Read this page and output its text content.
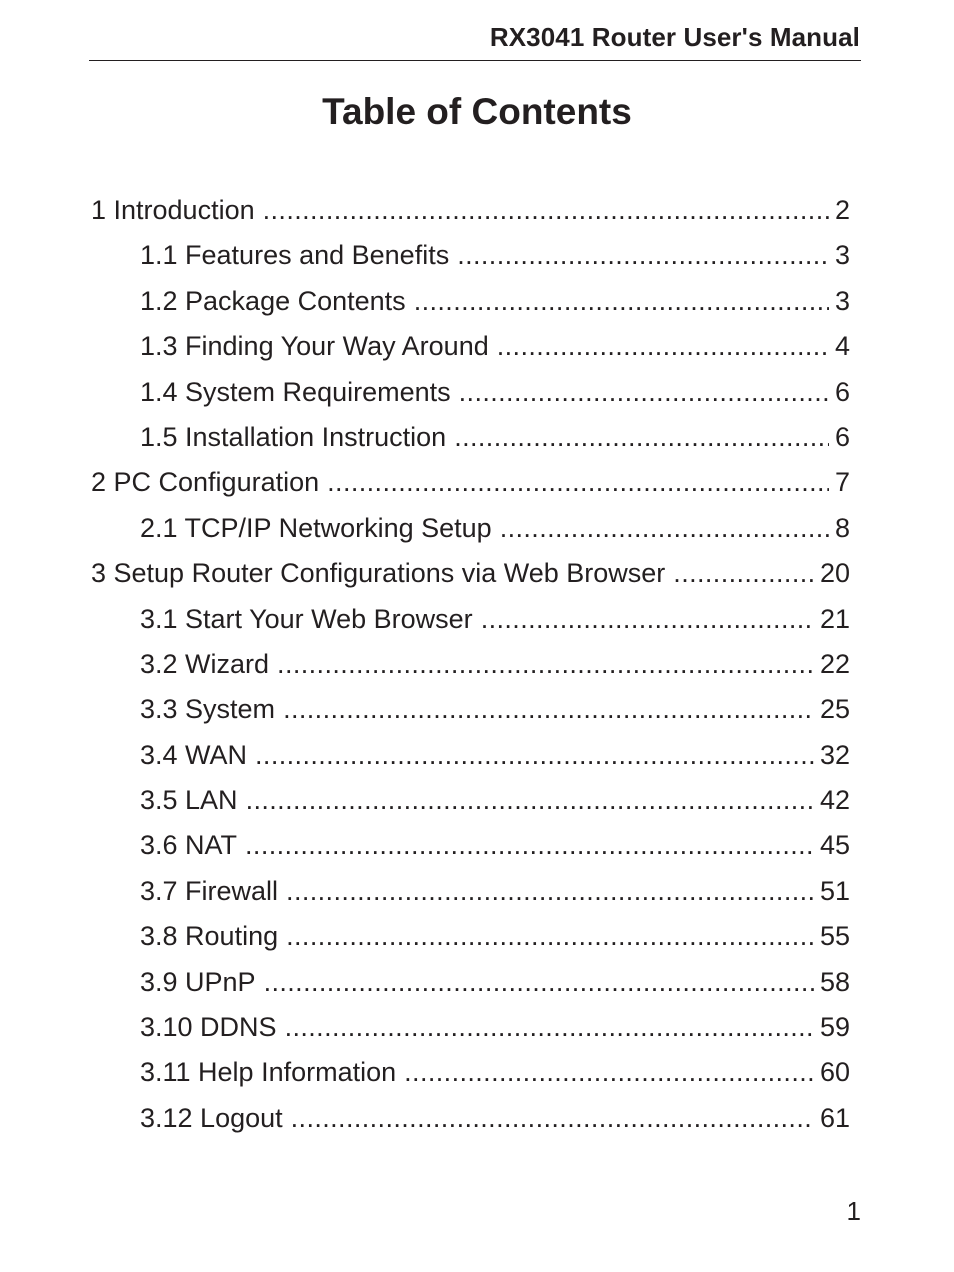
RX3041 Router User's Manual
Table of Contents
1 Introduction .....	2
1.1 Features and Benefits .....	3
1.2 Package Contents .....	3
1.3 Finding Your Way Around .....	4
1.4 System Requirements .....	6
1.5 Installation Instruction .....	6
2 PC Configuration .....	7
2.1 TCP/IP Networking Setup .....	8
3 Setup Router Configurations via Web Browser .....	20
3.1 Start Your Web Browser .....	21
3.2 Wizard .....	22
3.3 System .....	25
3.4 WAN .....	32
3.5 LAN .....	42
3.6 NAT .....	45
3.7 Firewall .....	51
3.8 Routing .....	55
3.9 UPnP .....	58
3.10 DDNS .....	59
3.11 Help Information .....	60
3.12 Logout .....	61
1
